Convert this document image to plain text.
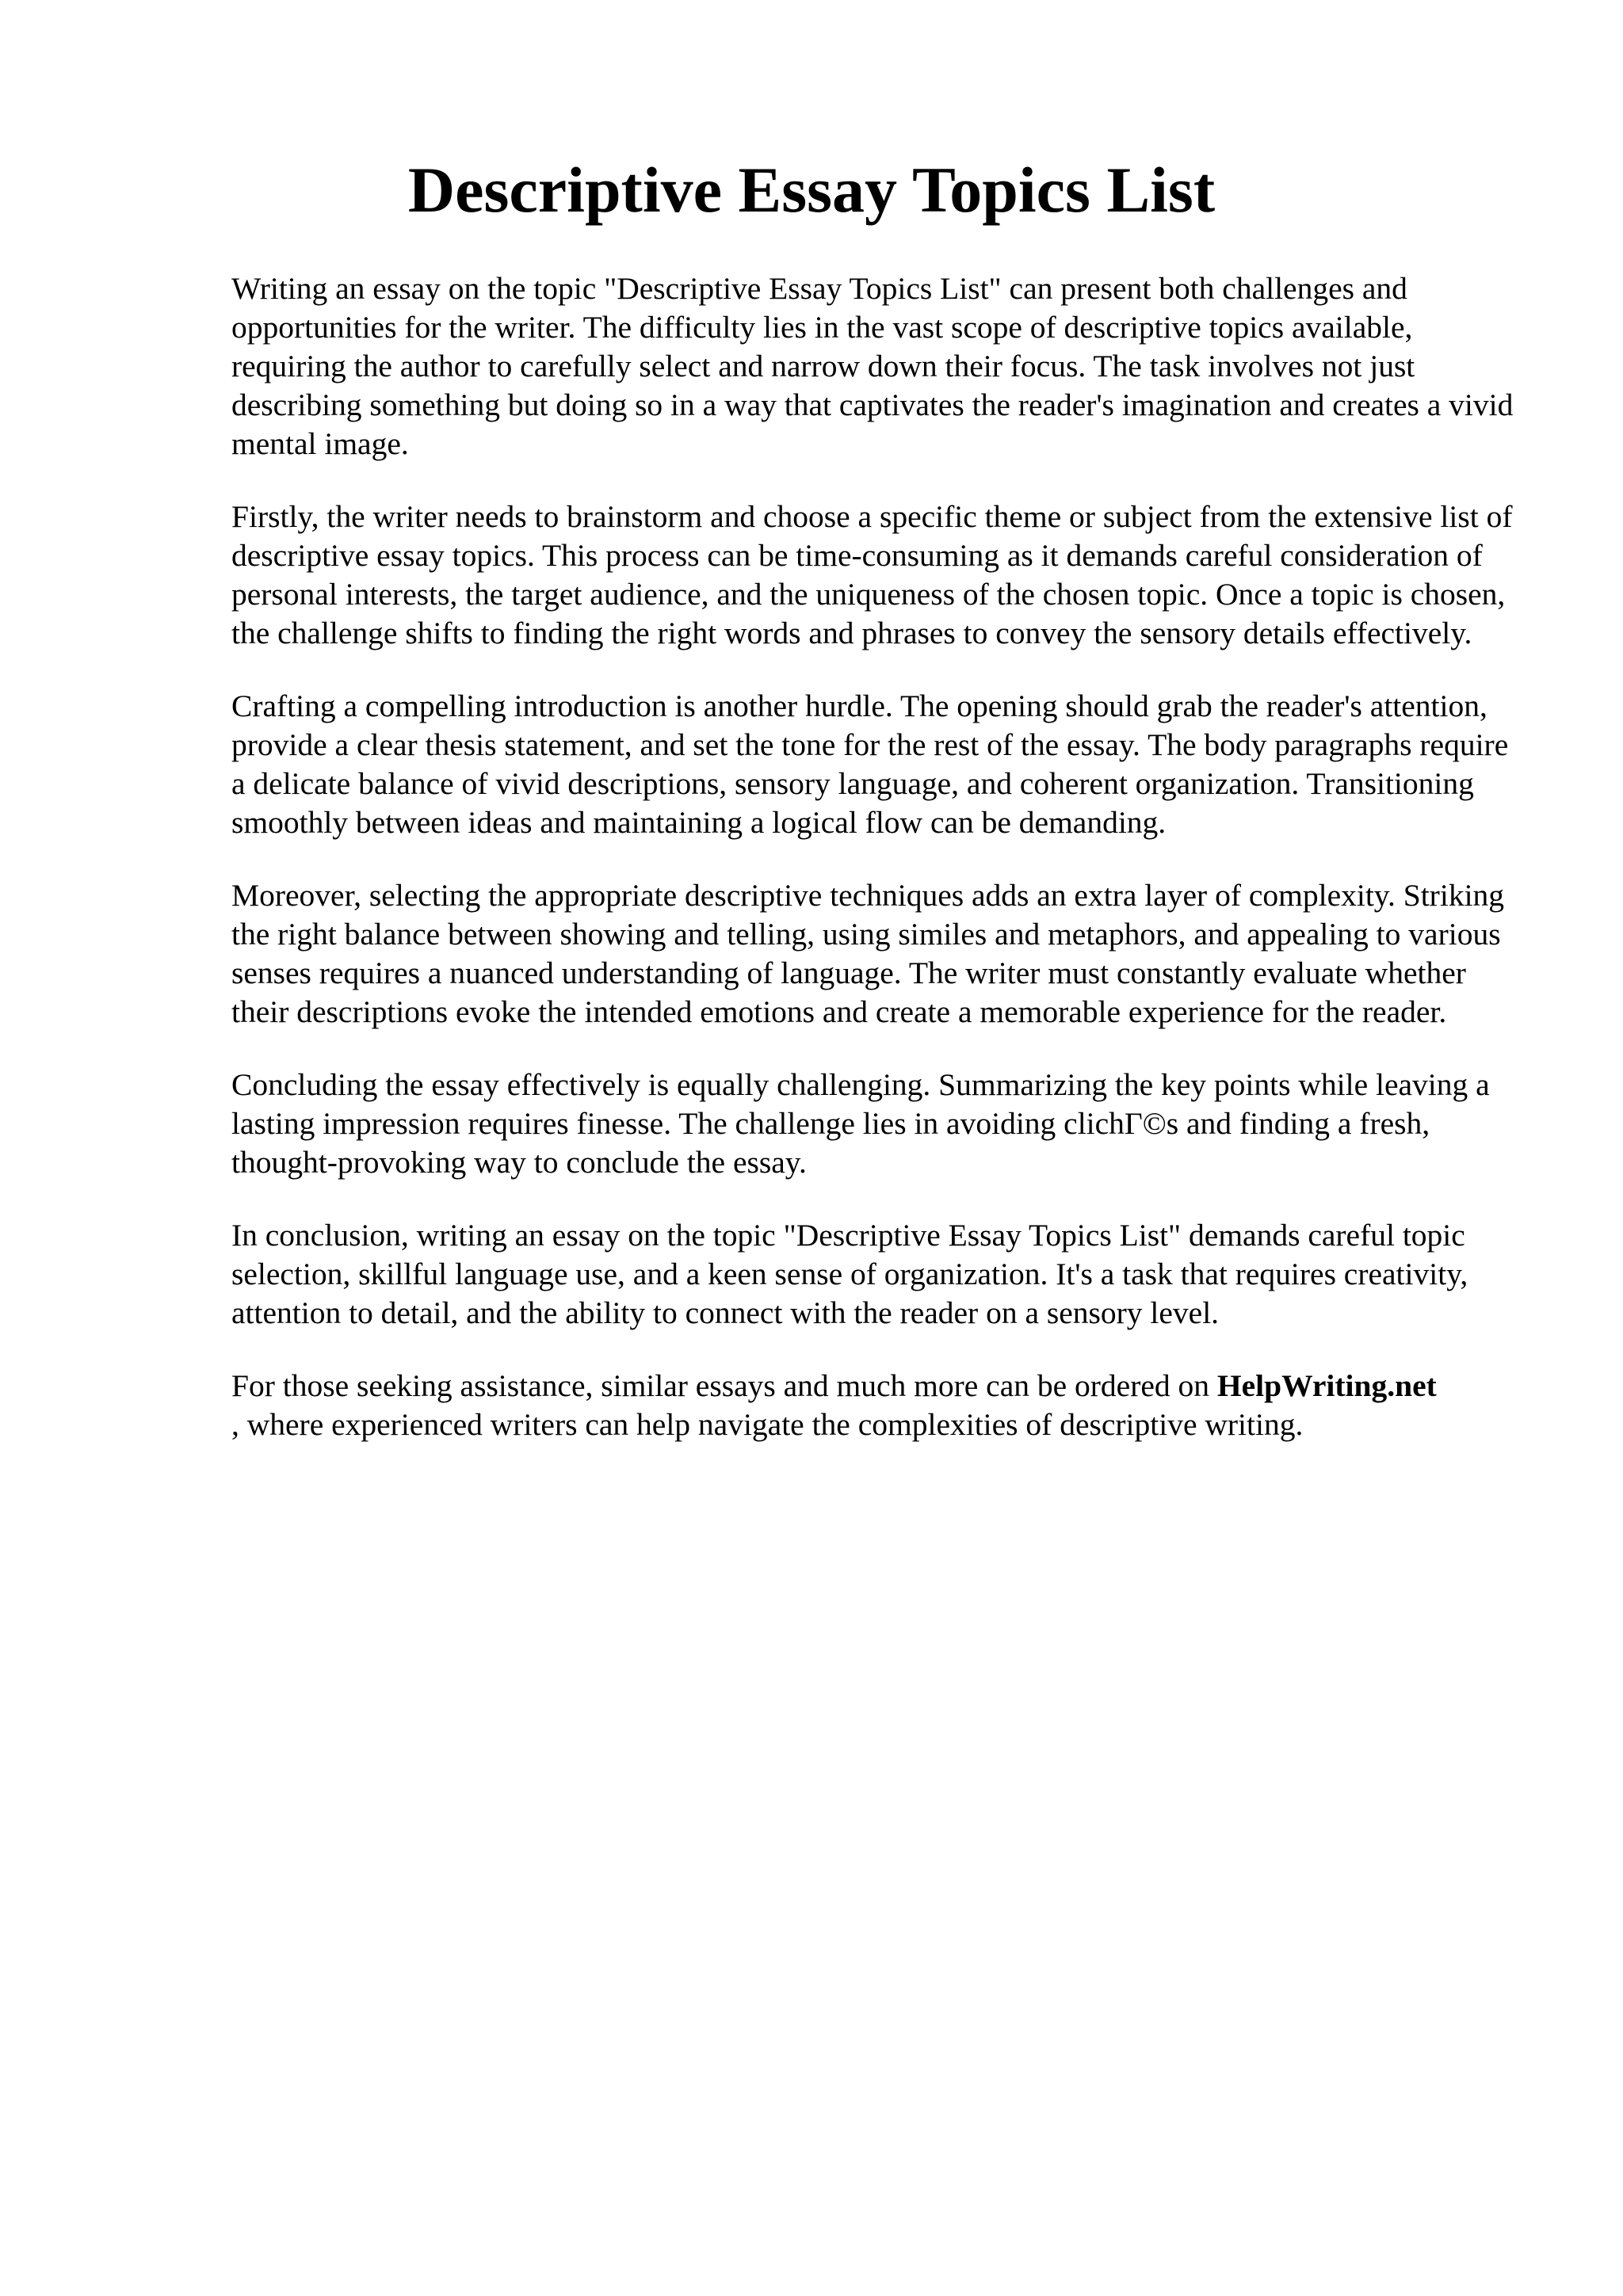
Descriptive Essay Topics List

Writing an essay on the topic "Descriptive Essay Topics List" can present both challenges and opportunities for the writer. The difficulty lies in the vast scope of descriptive topics available, requiring the author to carefully select and narrow down their focus. The task involves not just describing something but doing so in a way that captivates the reader's imagination and creates a vivid mental image.

Firstly, the writer needs to brainstorm and choose a specific theme or subject from the extensive list of descriptive essay topics. This process can be time-consuming as it demands careful consideration of personal interests, the target audience, and the uniqueness of the chosen topic. Once a topic is chosen, the challenge shifts to finding the right words and phrases to convey the sensory details effectively.

Crafting a compelling introduction is another hurdle. The opening should grab the reader's attention, provide a clear thesis statement, and set the tone for the rest of the essay. The body paragraphs require a delicate balance of vivid descriptions, sensory language, and coherent organization. Transitioning smoothly between ideas and maintaining a logical flow can be demanding.

Moreover, selecting the appropriate descriptive techniques adds an extra layer of complexity. Striking the right balance between showing and telling, using similes and metaphors, and appealing to various senses requires a nuanced understanding of language. The writer must constantly evaluate whether their descriptions evoke the intended emotions and create a memorable experience for the reader.

Concluding the essay effectively is equally challenging. Summarizing the key points while leaving a lasting impression requires finesse. The challenge lies in avoiding clichГ©s and finding a fresh, thought-provoking way to conclude the essay.

In conclusion, writing an essay on the topic "Descriptive Essay Topics List" demands careful topic selection, skillful language use, and a keen sense of organization. It's a task that requires creativity, attention to detail, and the ability to connect with the reader on a sensory level.

For those seeking assistance, similar essays and much more can be ordered on HelpWriting.net
, where experienced writers can help navigate the complexities of descriptive writing.
